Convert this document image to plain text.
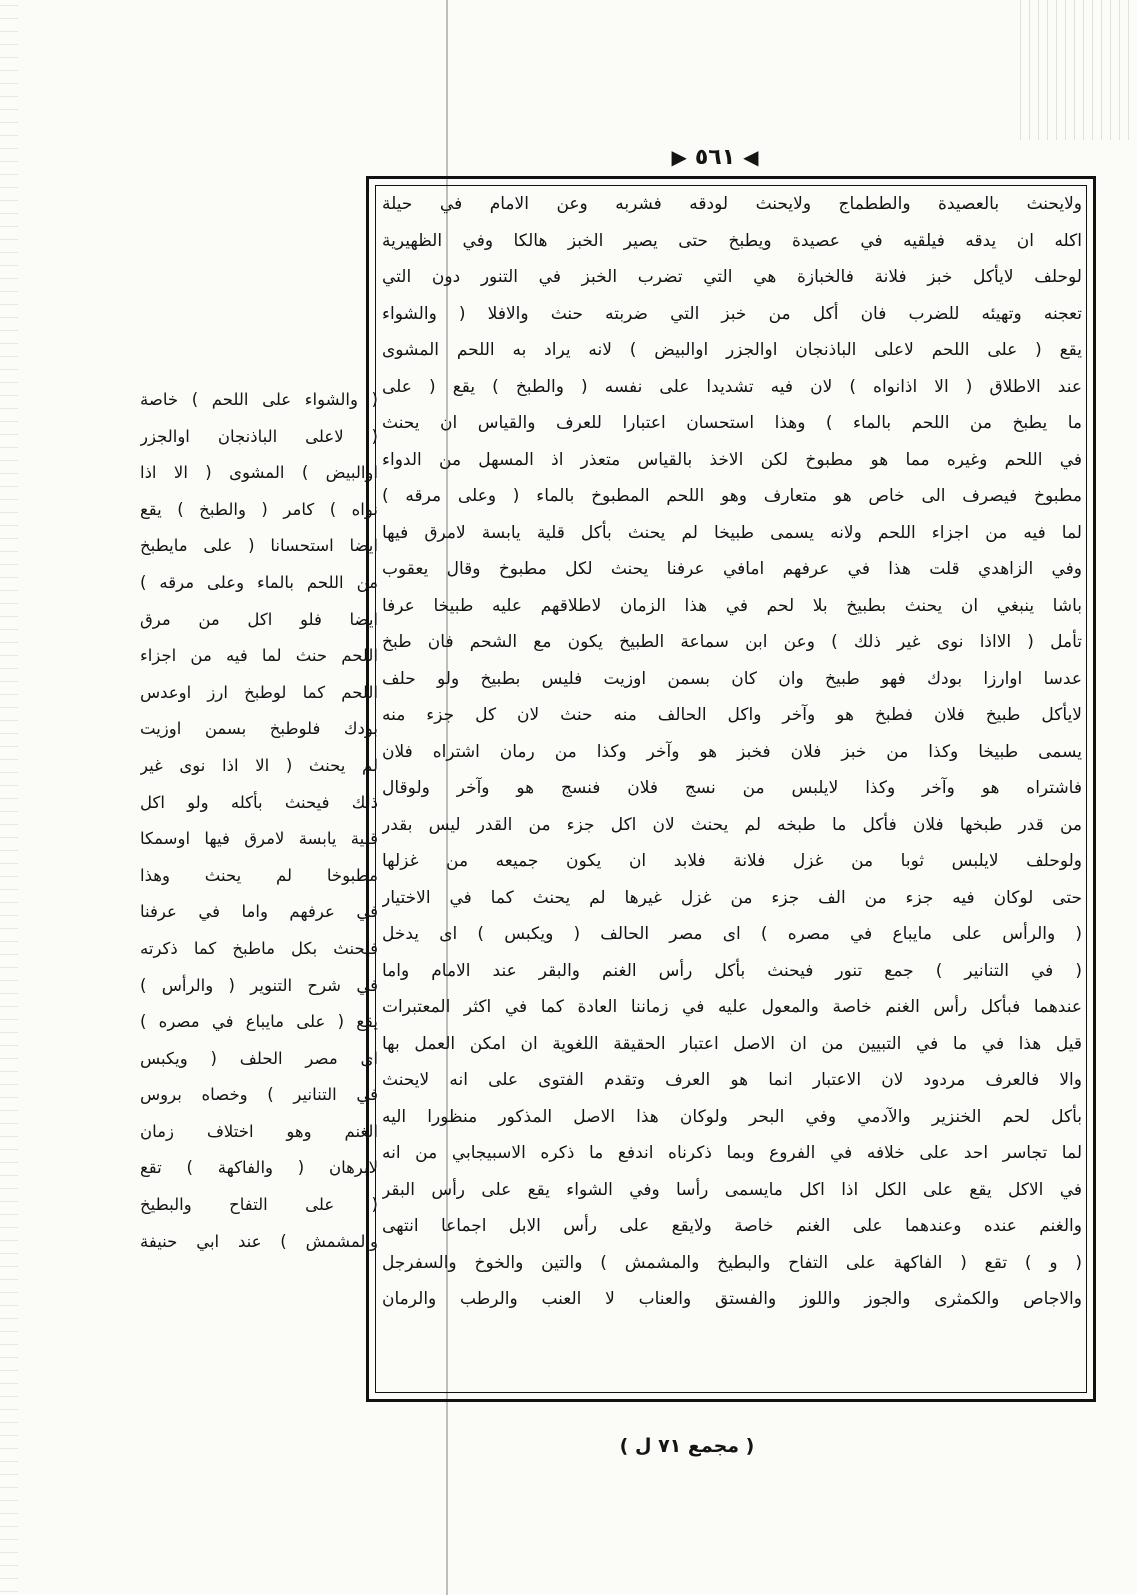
◀
٥٦١
▶
ولايحنث بالعصيدة والططماج ولايحنث لودقه فشربه وعن الامام في حيلة
اكله ان يدقه فيلقيه في عصيدة ويطبخ حتى يصير الخبز هالكا وفي الظهيرية
لوحلف لايأكل خبز فلانة فالخبازة هي التي تضرب الخبز في التنور دون التي
تعجنه وتهيئه للضرب فان أكل من خبز التي ضربته حنث والافلا ( والشواء
يقع ( على اللحم لاعلى الباذنجان اوالجزر اوالبيض ) لانه يراد به اللحم المشوى
عند الاطلاق ( الا اذانواه ) لان فيه تشديدا على نفسه ( والطبخ ) يقع ( على
ما يطبخ من اللحم بالماء ) وهذا استحسان اعتبارا للعرف والقياس ان يحنث
في اللحم وغيره مما هو مطبوخ لكن الاخذ بالقياس متعذر اذ المسهل من الدواء
مطبوخ فيصرف الى خاص هو متعارف وهو اللحم المطبوخ بالماء ( وعلى مرقه )
لما فيه من اجزاء اللحم ولانه يسمى طبيخا لم يحنث بأكل قلية يابسة لامرق فيها
وفي الزاهدي قلت هذا في عرفهم امافي عرفنا يحنث لكل مطبوخ وقال يعقوب
باشا ينبغي ان يحنث بطبيخ بلا لحم في هذا الزمان لاطلاقهم عليه طبيخا عرفا
تأمل ( الااذا نوى غير ذلك ) وعن ابن سماعة الطبيخ يكون مع الشحم فان طبخ
عدسا اوارزا بودك فهو طبيخ وان كان بسمن اوزيت فليس بطبيخ ولو حلف
لايأكل طبيخ فلان فطبخ هو وآخر واكل الحالف منه حنث لان كل جزء منه
يسمى طبيخا وكذا من خبز فلان فخبز هو وآخر وكذا من رمان اشتراه فلان
فاشتراه هو وآخر وكذا لايلبس من نسج فلان فنسج هو وآخر ولوقال
من قدر طبخها فلان فأكل ما طبخه لم يحنث لان اكل جزء من القدر ليس بقدر
ولوحلف لايلبس ثوبا من غزل فلانة فلابد ان يكون جميعه من غزلها
حتى لوكان فيه جزء من الف جزء من غزل غيرها لم يحنث كما في الاختيار
( والرأس على مايباع في مصره ) اى مصر الحالف ( ويكبس ) اى يدخل
( في التنانير ) جمع تنور فيحنث بأكل رأس الغنم والبقر عند الامام واما
عندهما فبأكل رأس الغنم خاصة والمعول عليه في زماننا العادة كما في اكثر المعتبرات
قيل هذا في ما في التبيين من ان الاصل اعتبار الحقيقة اللغوية ان امكن العمل بها
والا فالعرف مردود لان الاعتبار انما هو العرف وتقدم الفتوى على انه لايحنث
بأكل لحم الخنزير والآدمي وفي البحر ولوكان هذا الاصل المذكور منظورا اليه
لما تجاسر احد على خلافه في الفروع وبما ذكرناه اندفع ما ذكره الاسبيجابي من انه
في الاكل يقع على الكل اذا اكل مايسمى رأسا وفي الشواء يقع على رأس البقر
والغنم عنده وعندهما على الغنم خاصة ولايقع على رأس الابل اجماعا انتهى
( و ) تقع ( الفاكهة على التفاح والبطيخ والمشمش ) والتين والخوخ والسفرجل
والاجاص والكمثرى والجوز واللوز والفستق والعناب لا العنب والرطب والرمان
( والشواء على اللحم ) خاصة
( لاعلى الباذنجان اوالجزر
اوالبيض ) المشوى ( الا اذا
نواه ) كامر ( والطبخ ) يقع
ايضا استحسانا ( على مايطبخ
من اللحم بالماء وعلى مرقه )
ايضا فلو اكل من مرق
اللحم حنث لما فيه من اجزاء
اللحم كما لوطبخ ارز اوعدس
بودك فلوطبخ بسمن اوزيت
لم يحنث ( الا اذا نوى غير
ذلك فيحنث بأكله ولو اكل
قلية يابسة لامرق فيها اوسمكا
مطبوخا لم يحنث وهذا
في عرفهم واما في عرفنا
فيحنث بكل ماطبخ كما ذكرته
في شرح التنوير ( والرأس )
يقع ( على مايباع في مصره )
اى مصر الحلف ( ويكبس
في التنانير ) وخصاه بروس
الغنم وهو اختلاف زمان
لابرهان ( والفاكهة ) تقع
( على التفاح والبطيخ
والمشمش ) عند ابي حنيفة
( مجمع ٧١ ل )
